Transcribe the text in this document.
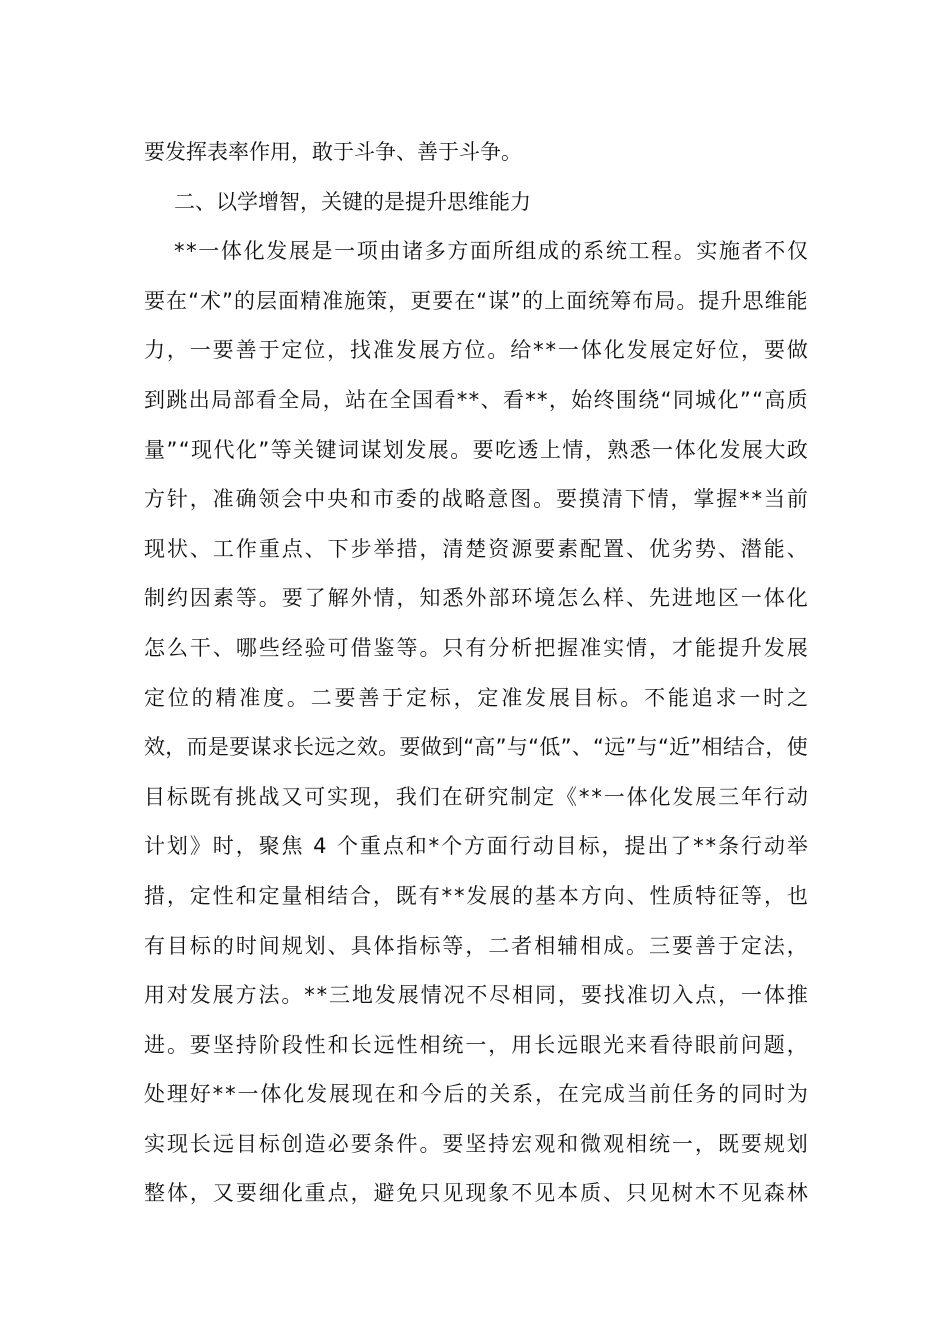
要发挥表率作用，敢于斗争、善于斗争。
二、以学增智，关键的是提升思维能力
* * 一 体 化 发 展 是 一 项 由 诸 多 方 面 所 组 成 的 系 统 工 程 。 实 施 者 不 仅
要 在 “ 术 ” 的 层 面 精 准 施 策 ， 更 要 在 “ 谋 ” 的 上 面 统 筹 布 局 。 提 升 思 维 能
力 ， 一 要 善 于 定 位 ， 找 准 发 展 方 位 。 给 * * 一 体 化 发 展 定 好 位 ， 要 做
到 跳 出 局 部 看 全 局 ， 站 在 全 国 看 * * 、 看 * * ， 始 终 围 绕 “ 同 城 化 ” “ 高 质
量 ” “ 现 代 化 ” 等 关 键 词 谋 划 发 展 。 要 吃 透 上 情 ， 熟 悉 一 体 化 发 展 大 政
方 针 ， 准 确 领 会 中 央 和 市 委 的 战 略 意 图 。 要 摸 清 下 情 ， 掌 握 * * 当 前
现 状 、 工 作 重 点 、 下 步 举 措 ， 清 楚 资 源 要 素 配 置 、 优 劣 势 、 潜 能 、
制 约 因 素 等 。 要 了 解 外 情 ， 知 悉 外 部 环 境 怎 么 样 、 先 进 地 区 一 体 化
怎 么 干 、 哪 些 经 验 可 借 鉴 等 。 只 有 分 析 把 握 准 实 情 ， 才 能 提 升 发 展
定 位 的 精 准 度 。 二 要 善 于 定 标 ， 定 准 发 展 目 标 。 不 能 追 求 一 时 之
效 ， 而 是 要 谋 求 长 远 之 效 。 要 做 到 “ 高 ” 与 “ 低 ” 、 “ 远 ” 与 “ 近 ” 相 结 合 ， 使
目 标 既 有 挑 战 又 可 实 现 ， 我 们 在 研 究 制 定 《 * * 一 体 化 发 展 三 年 行 动
计 划 》 时 ， 聚 焦
4
个 重 点 和 * 个 方 面 行 动 目 标 ， 提 出 了 * * 条 行 动 举
措 ， 定 性 和 定 量 相 结 合 ， 既 有 * * 发 展 的 基 本 方 向 、 性 质 特 征 等 ， 也
有 目 标 的 时 间 规 划 、 具 体 指 标 等 ， 二 者 相 辅 相 成 。 三 要 善 于 定 法 ，
用 对 发 展 方 法 。 * * 三 地 发 展 情 况 不 尽 相 同 ， 要 找 准 切 入 点 ， 一 体 推
进 。 要 坚 持 阶 段 性 和 长 远 性 相 统 一 ， 用 长 远 眼 光 来 看 待 眼 前 问 题 ，
处 理 好 * * 一 体 化 发 展 现 在 和 今 后 的 关 系 ， 在 完 成 当 前 任 务 的 同 时 为
实 现 长 远 目 标 创 造 必 要 条 件 。 要 坚 持 宏 观 和 微 观 相 统 一 ， 既 要 规 划
整 体 ， 又 要 细 化 重 点 ， 避 免 只 见 现 象 不 见 本 质 、 只 见 树 木 不 见 森 林
